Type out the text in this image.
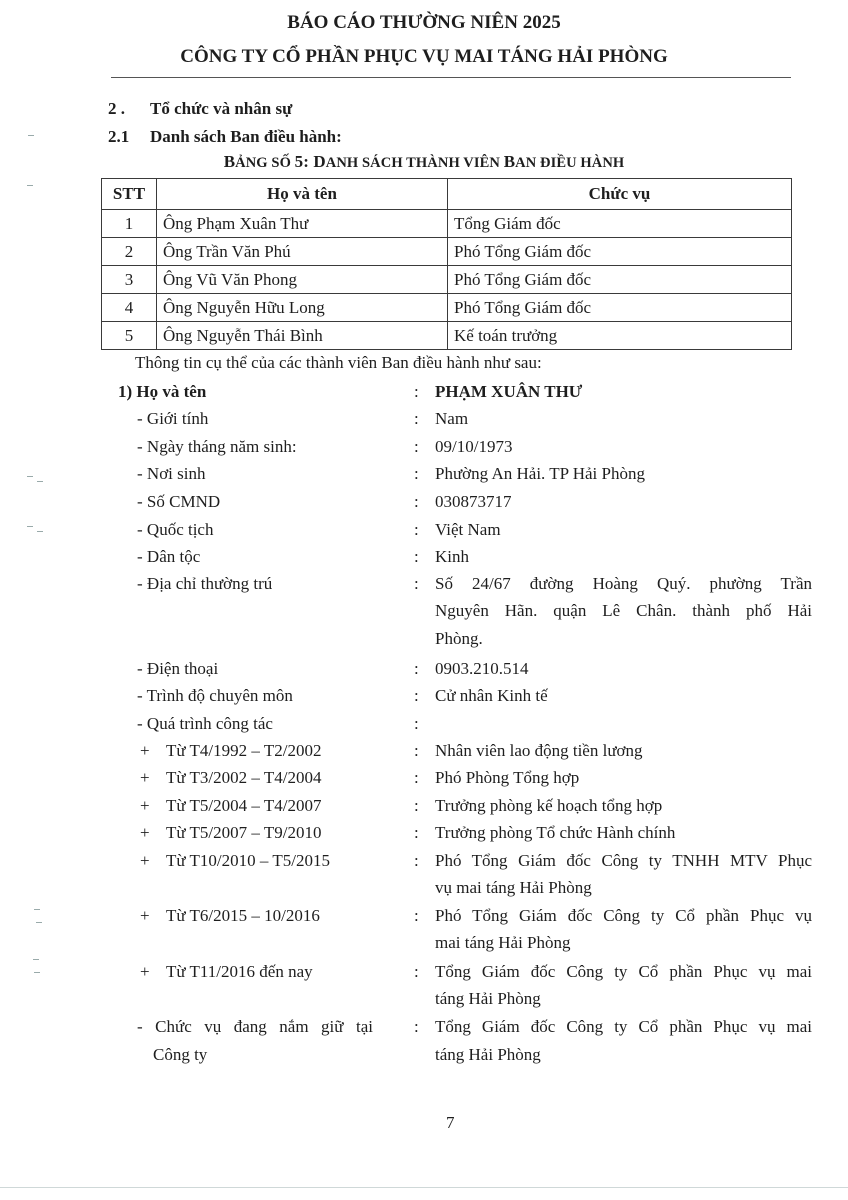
BÁO CÁO THƯỜNG NIÊN 2025
CÔNG TY CỔ PHẦN PHỤC VỤ MAI TÁNG HẢI PHÒNG
2 . Tổ chức và nhân sự
2.1 Danh sách Ban điều hành:
BẢNG SỐ 5: DANH SÁCH THÀNH VIÊN BAN ĐIỀU HÀNH
STT	Họ và tên	Chức vụ
1	Ông Phạm Xuân Thư	Tổng Giám đốc
2	Ông Trần Văn Phú	Phó Tổng Giám đốc
3	Ông Vũ Văn Phong	Phó Tổng Giám đốc
4	Ông Nguyễn Hữu Long	Phó Tổng Giám đốc
5	Ông Nguyễn Thái Bình	Kế toán trưởng
Thông tin cụ thể của các thành viên Ban điều hành như sau:
1) Họ và tên	: PHẠM XUÂN THƯ
- Giới tính	: Nam
- Ngày tháng năm sinh:	: 09/10/1973
- Nơi sinh	: Phường An Hải. TP Hải Phòng
- Số CMND	: 030873717
- Quốc tịch	: Việt Nam
- Dân tộc	: Kinh
- Địa chỉ thường trú	: Số 24/67 đường Hoàng Quý. phường Trần
Nguyên Hãn. quận Lê Chân. thành phố Hải
Phòng.
- Điện thoại	: 0903.210.514
- Trình độ chuyên môn	: Cử nhân Kinh tế
- Quá trình công tác	:
+ Từ T4/1992 – T2/2002	: Nhân viên lao động tiền lương
+ Từ T3/2002 – T4/2004	: Phó Phòng Tổng hợp
+ Từ T5/2004 – T4/2007	: Trưởng phòng kế hoạch tổng hợp
+ Từ T5/2007 – T9/2010	: Trưởng phòng Tổ chức Hành chính
+ Từ T10/2010 – T5/2015	: Phó Tổng Giám đốc Công ty TNHH MTV Phục
vụ mai táng Hải Phòng
+ Từ T6/2015 – 10/2016	: Phó Tổng Giám đốc Công ty Cổ phần Phục vụ
mai táng Hải Phòng
+ Từ T11/2016 đến nay	: Tổng Giám đốc Công ty Cổ phần Phục vụ mai
táng Hải Phòng
- Chức vụ đang nắm giữ tại : Tổng Giám đốc Công ty Cổ phần Phục vụ mai
Công ty	táng Hải Phòng
7
